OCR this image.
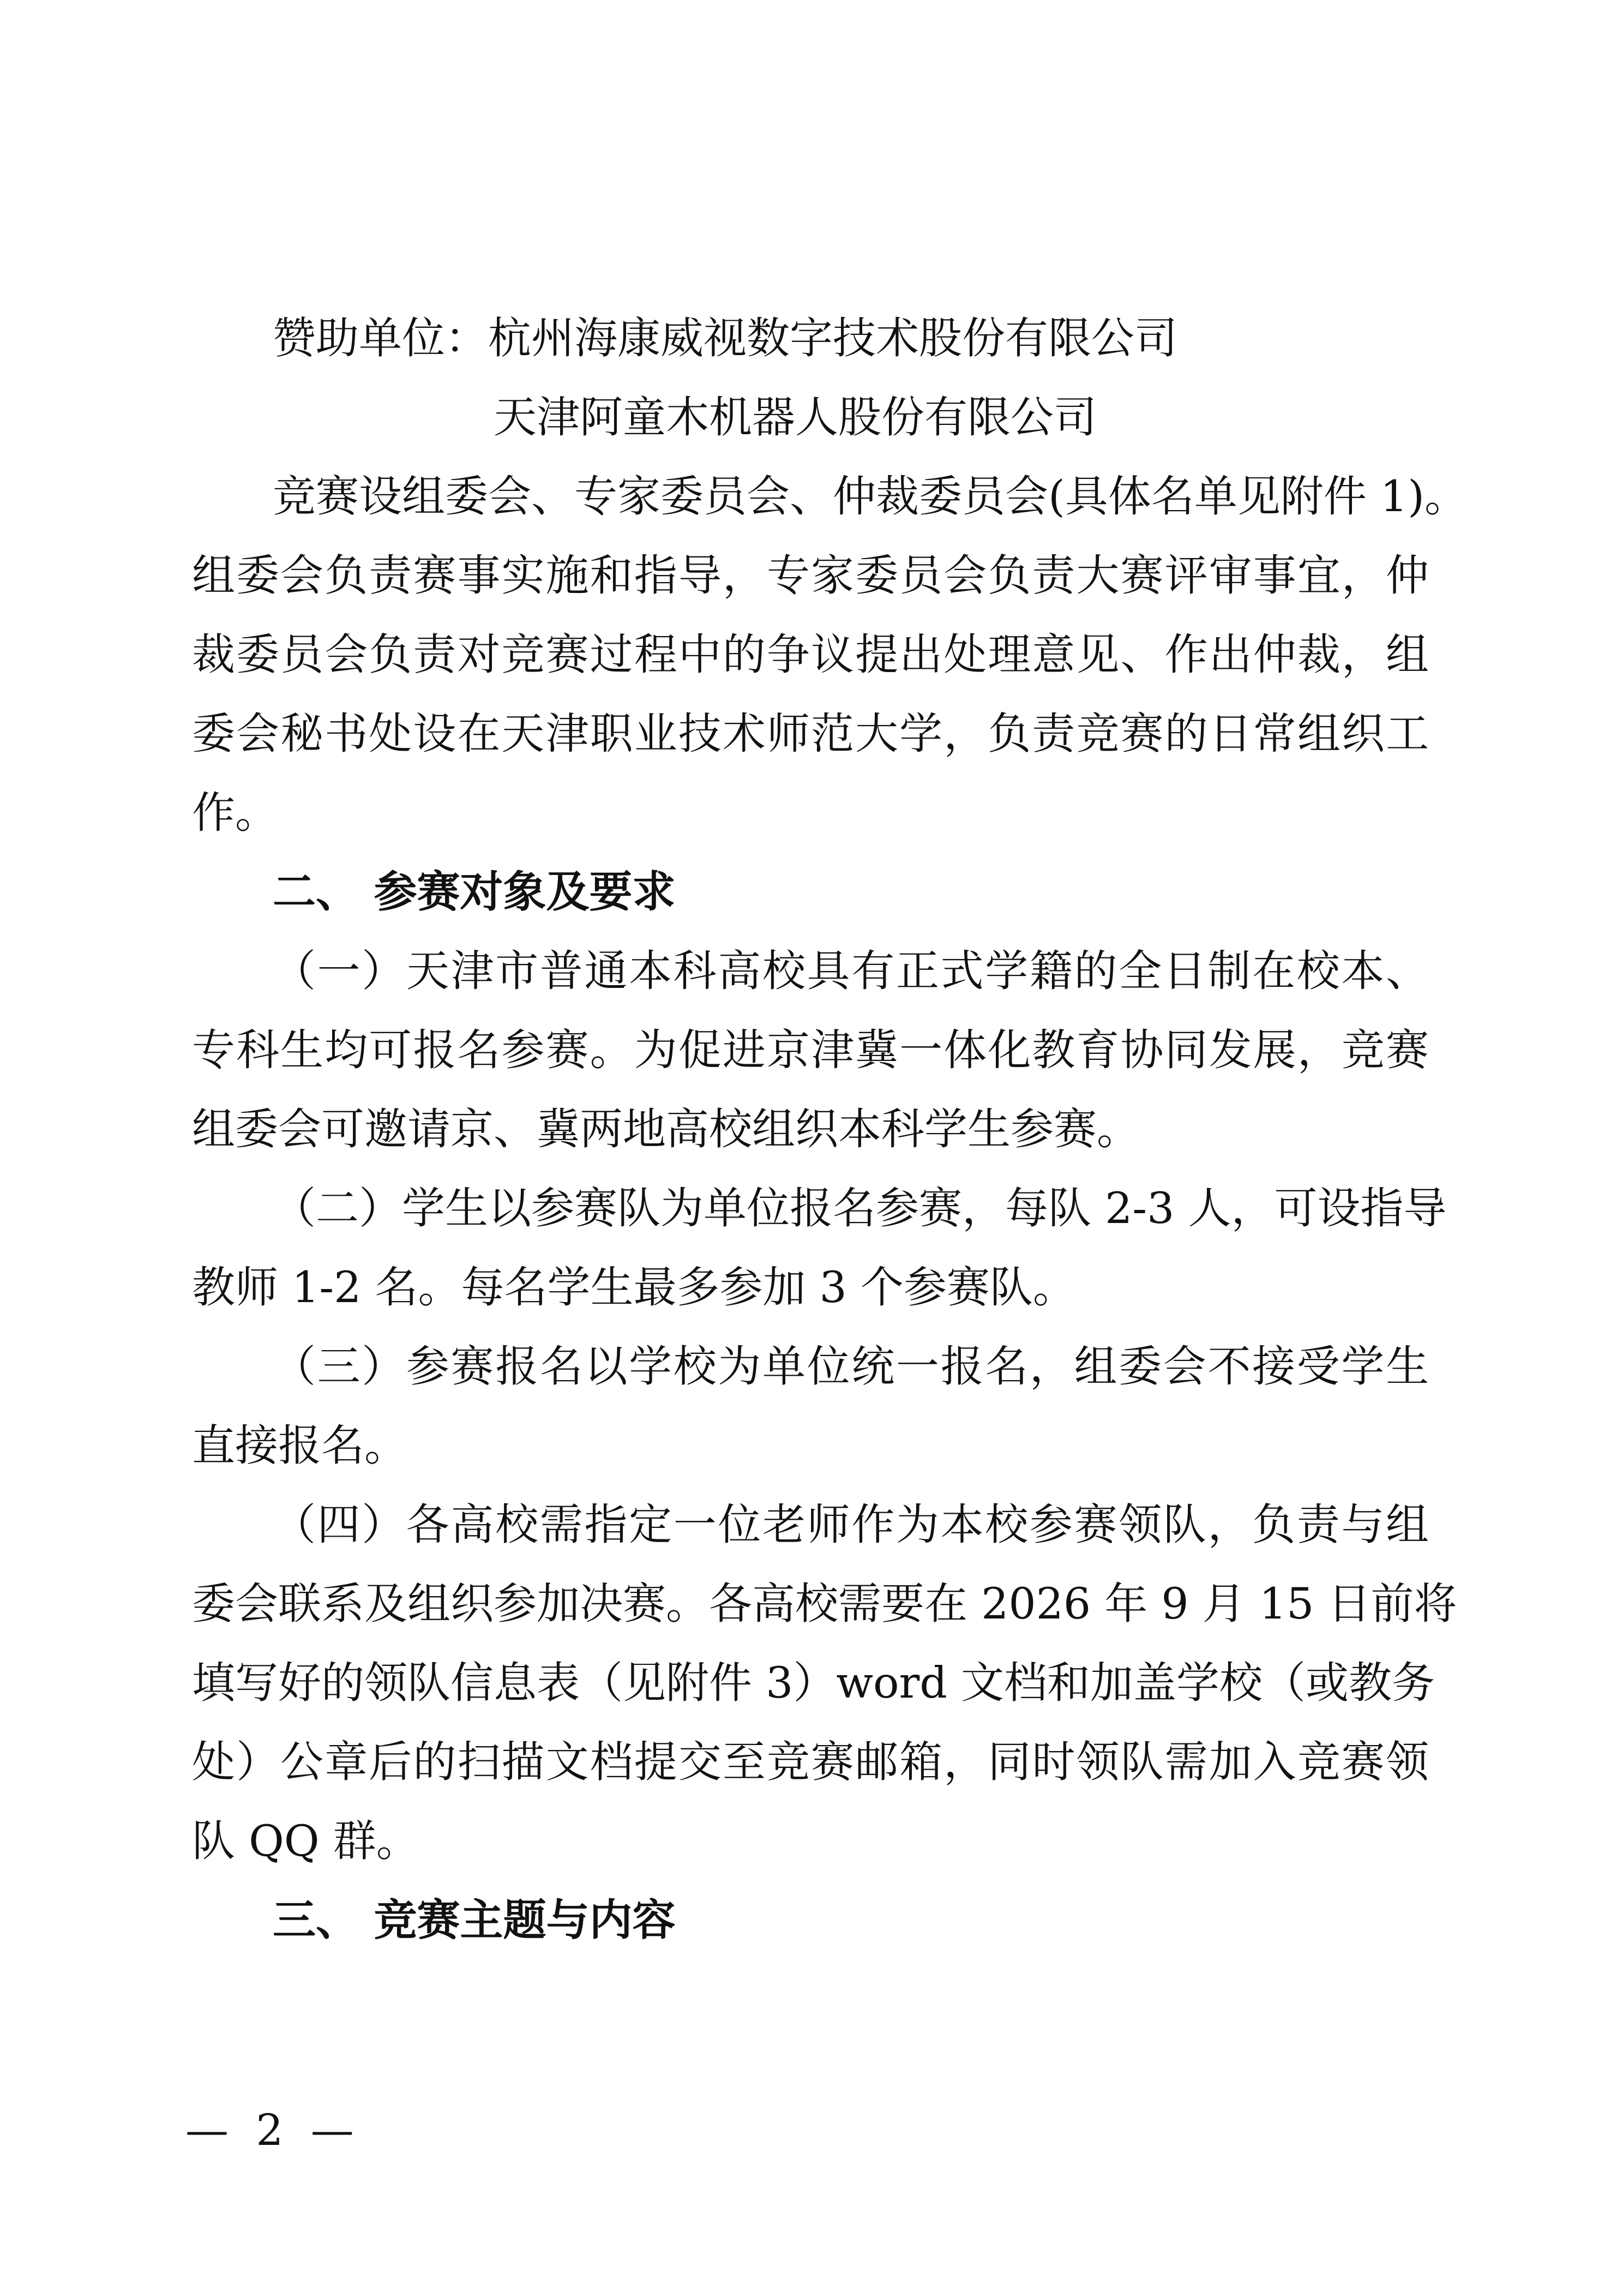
赞助单位：杭州海康威视数字技术股份有限公司
天津阿童木机器人股份有限公司
竞赛设组委会、专家委员会、仲裁委员会(具体名单见附件 1)。
组委会负责赛事实施和指导，专家委员会负责大赛评审事宜，仲
裁委员会负责对竞赛过程中的争议提出处理意见、作出仲裁，组
委会秘书处设在天津职业技术师范大学，负责竞赛的日常组织工
作。
二、 参赛对象及要求
（一）天津市普通本科高校具有正式学籍的全日制在校本、
专科生均可报名参赛。为促进京津冀一体化教育协同发展，竞赛
组委会可邀请京、冀两地高校组织本科学生参赛。
（二）学生以参赛队为单位报名参赛，每队 2-3 人，可设指导
教师 1-2 名。每名学生最多参加 3 个参赛队。
（三）参赛报名以学校为单位统一报名，组委会不接受学生
直接报名。
（四）各高校需指定一位老师作为本校参赛领队，负责与组
委会联系及组织参加决赛。各高校需要在 2026 年 9 月 15 日前将
填写好的领队信息表（见附件 3）word 文档和加盖学校（或教务
处）公章后的扫描文档提交至竞赛邮箱，同时领队需加入竞赛领
队 QQ 群。
三、 竞赛主题与内容
—  2  —
